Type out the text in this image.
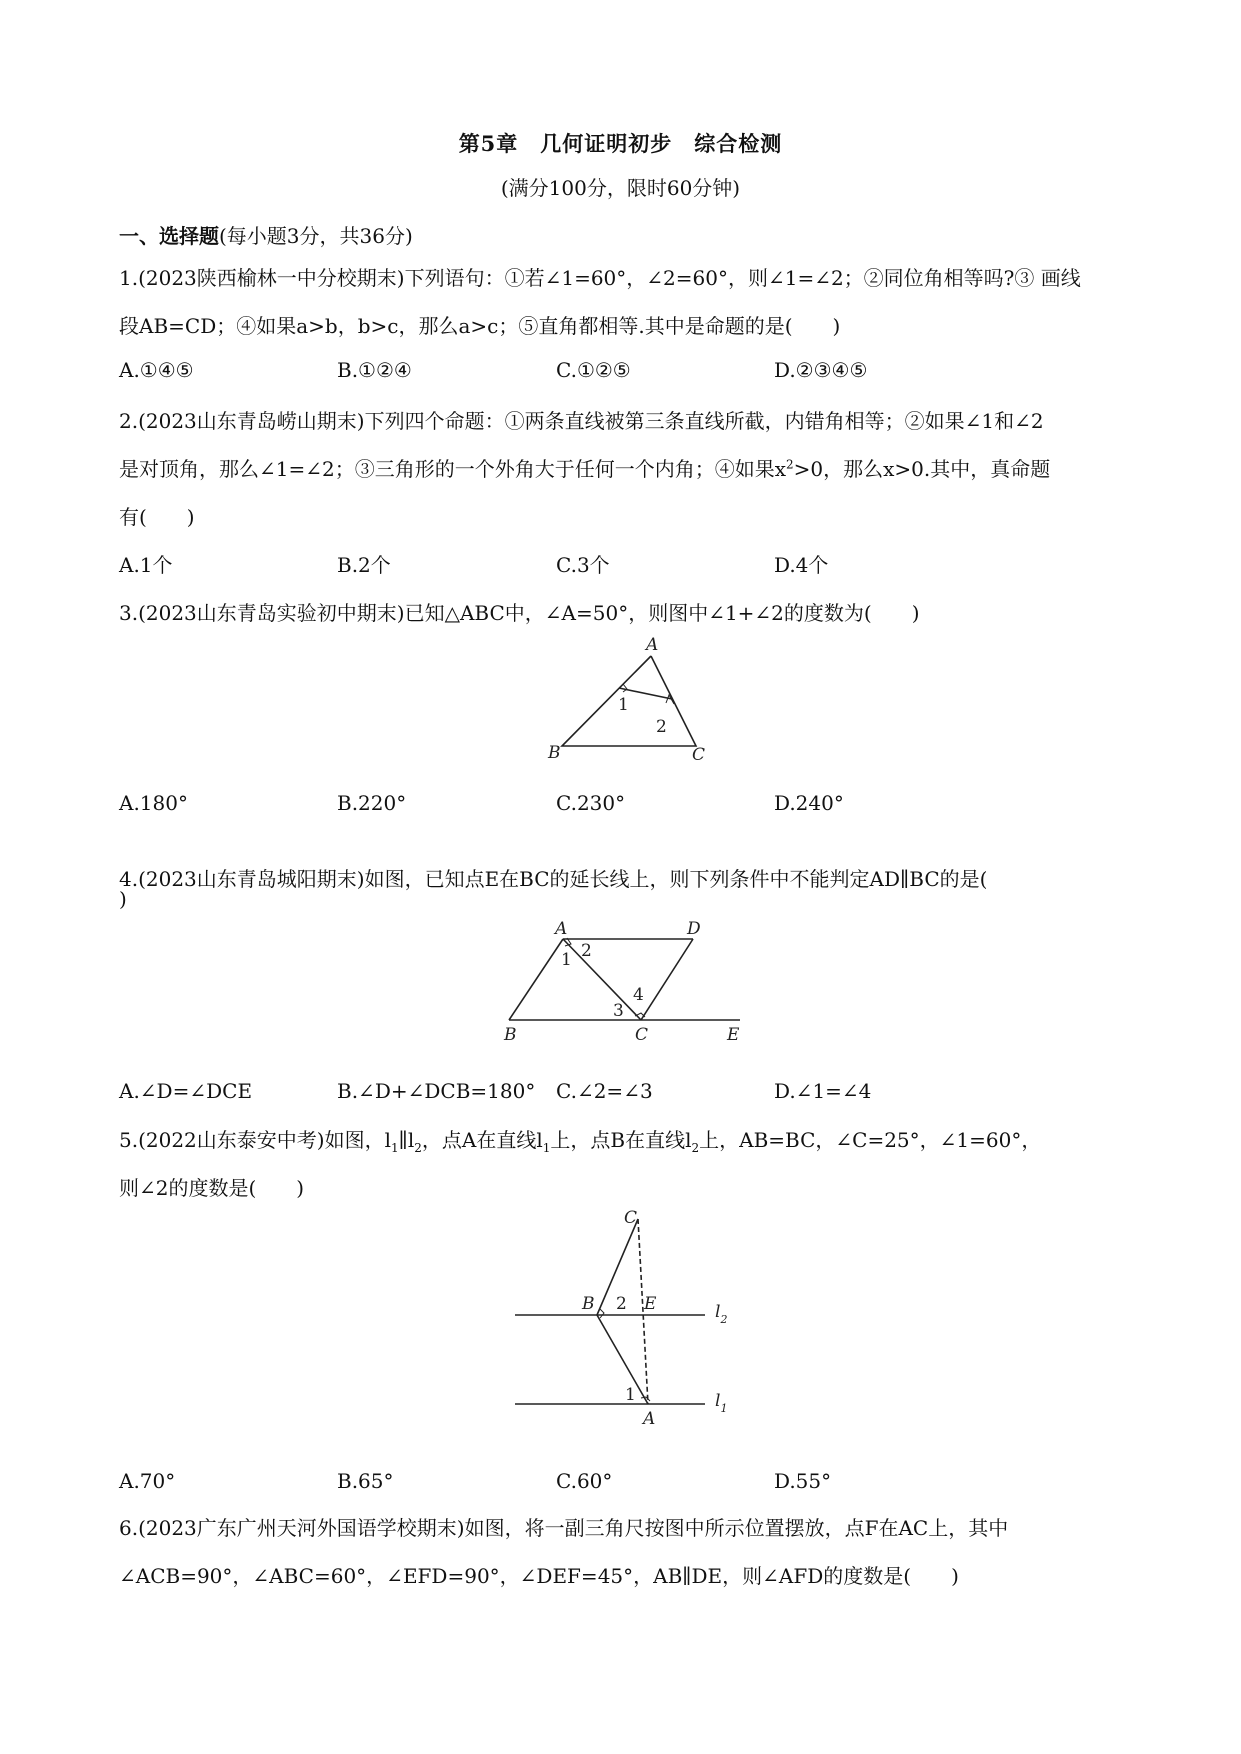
第5章　几何证明初步　综合检测
(满分100分，限时60分钟)
一、选择题(每小题3分，共36分)
1.(2023陕西榆林一中分校期末)下列语句：①若∠1=60°，∠2=60°，则∠1=∠2；②同位角相等吗?③ 画线
段AB=CD；④如果a>b，b>c，那么a>c；⑤直角都相等.其中是命题的是(　　)
A.①④⑤	B.①②④	C.①②⑤	D.②③④⑤
2.(2023山东青岛崂山期末)下列四个命题：①两条直线被第三条直线所截，内错角相等；②如果∠1和∠2
是对顶角，那么∠1=∠2；③三角形的一个外角大于任何一个内角；④如果$x^2>0$，那么x>0.其中，真命题
有(　　)
A.1个	B.2个	C.3个	D.4个
3.(2023山东青岛实验初中期末)已知△ABC中，∠A=50°，则图中∠1+∠2的度数为(　　)
A
B	C
1
2
A.180°	B.220°	C.230°	D.240°
4.(2023山东青岛城阳期末)如图，已知点E在BC的延长线上，则下列条件中不能判定AD∥BC的是(
)
A	D
B	C	E
1 2
3
4
A.∠D=∠DCE	B.∠D+∠DCB=180° C.∠2=∠3	D.∠1=∠4
5.(2022山东泰安中考)如图，$l_1\parallel l_2$，点A在直线$l_1$上，点B在直线$l_2$上，AB=BC，∠C=25°，∠1=60°，
则∠2的度数是(　　)
C
B	E
A
2
1
$l_2$
$l_1$
A.70°	B.65°	C.60°	D.55°
6.(2023广东广州天河外国语学校期末)如图，将一副三角尺按图中所示位置摆放，点F在AC上，其中
∠ACB=90°，∠ABC=60°，∠EFD=90°，∠DEF=45°，AB∥DE，则∠AFD的度数是(　　)
